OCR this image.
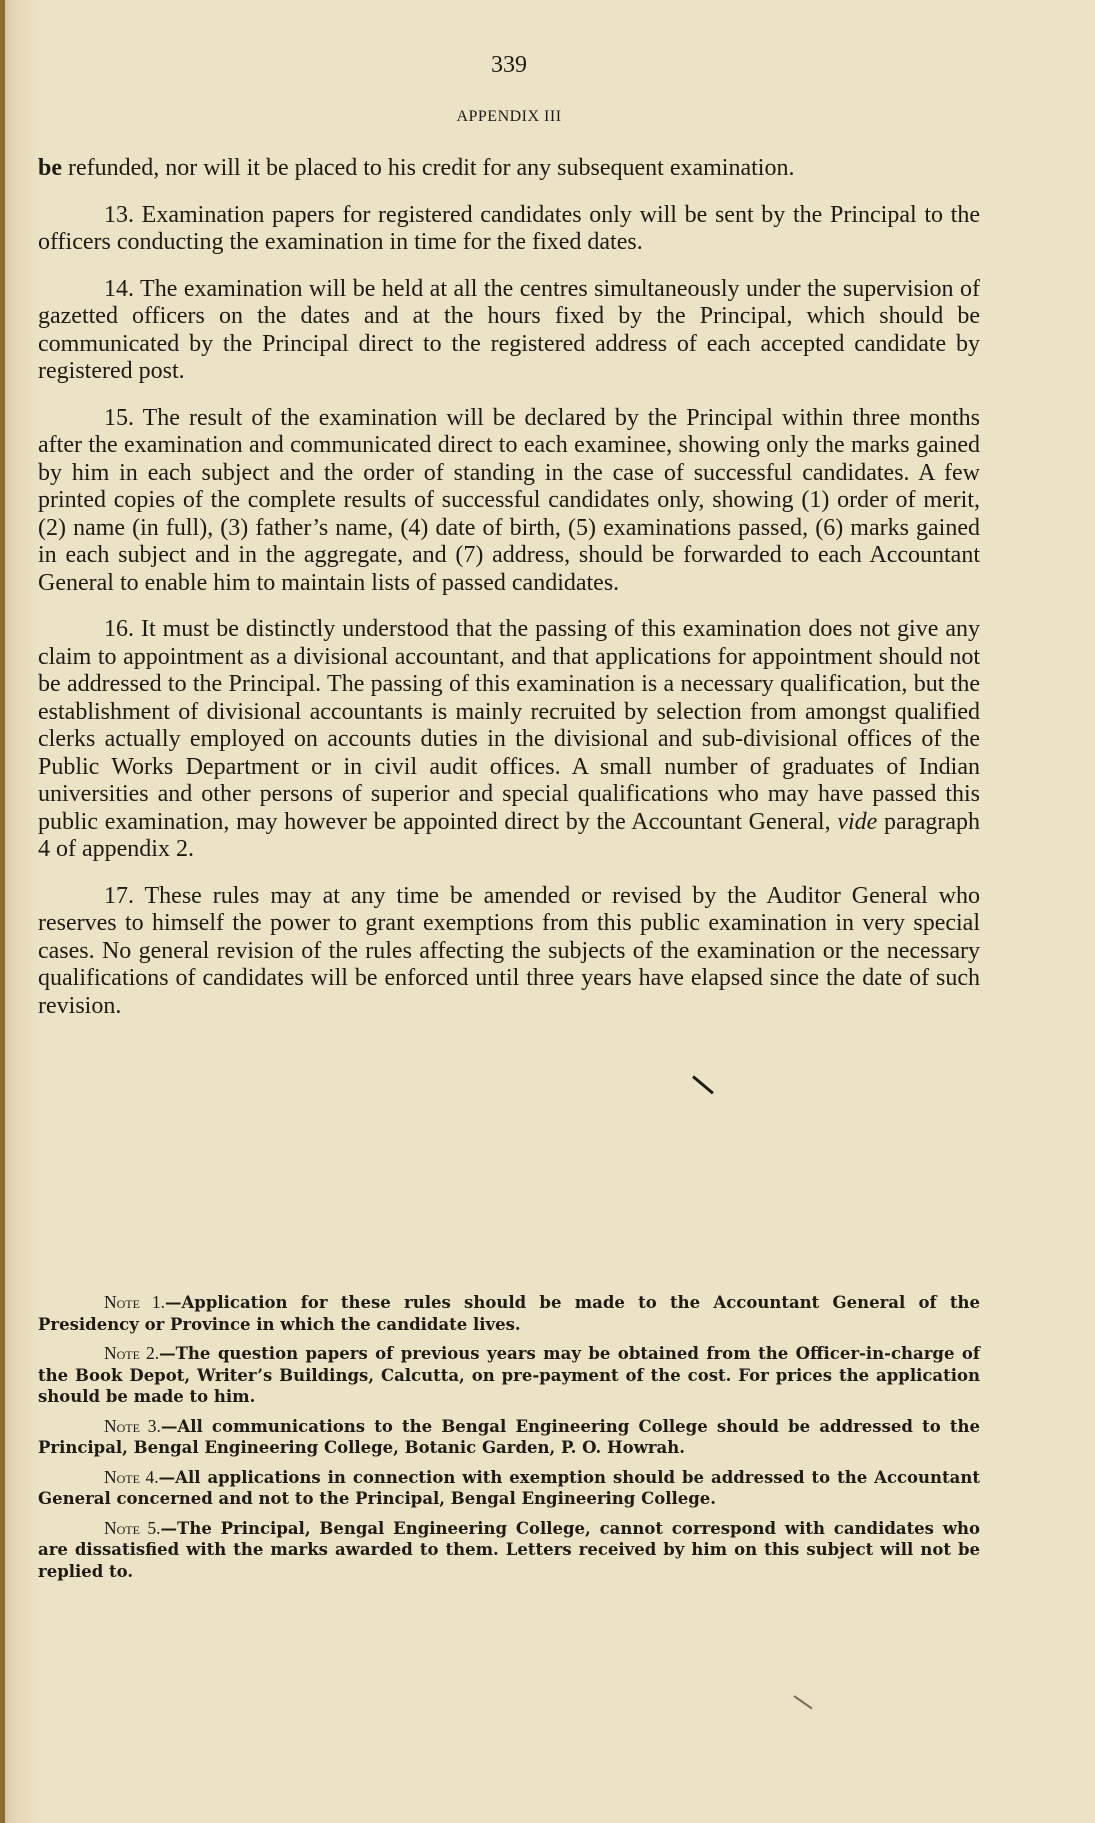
339
APPENDIX III

be refunded, nor will it be placed to his credit for any subsequent examination.

13. Examination papers for registered candidates only will be sent by the Principal to the officers conducting the examination in time for the fixed dates.

14. The examination will be held at all the centres simultaneously under the supervision of gazetted officers on the dates and at the hours fixed by the Principal, which should be communicated by the Principal direct to the registered address of each accepted candidate by registered post.

15. The result of the examination will be declared by the Principal within three months after the examination and communicated direct to each examinee, showing only the marks gained by him in each subject and the order of standing in the case of successful candidates. A few printed copies of the complete results of successful candidates only, showing (1) order of merit, (2) name (in full), (3) father’s name, (4) date of birth, (5) examinations passed, (6) marks gained in each subject and in the aggregate, and (7) address, should be forwarded to each Accountant General to enable him to maintain lists of passed candidates.

16. It must be distinctly understood that the passing of this examination does not give any claim to appointment as a divisional accountant, and that applications for appointment should not be addressed to the Principal. The passing of this examination is a necessary qualification, but the establishment of divisional accountants is mainly recruited by selection from amongst qualified clerks actually employed on accounts duties in the divisional and sub-divisional offices of the Public Works Department or in civil audit offices. A small number of graduates of Indian universities and other persons of superior and special qualifications who may have passed this public examination, may however be appointed direct by the Accountant General, vide paragraph 4 of appendix 2.

17. These rules may at any time be amended or revised by the Auditor General who reserves to himself the power to grant exemptions from this public examination in very special cases. No general revision of the rules affecting the subjects of the examination or the necessary qualifications of candidates will be enforced until three years have elapsed since the date of such revision.

Note 1.—Application for these rules should be made to the Accountant General of the Presidency or Province in which the candidate lives.

Note 2.—The question papers of previous years may be obtained from the Officer-in-charge of the Book Depot, Writer’s Buildings, Calcutta, on pre-payment of the cost. For prices the application should be made to him.

Note 3.—All communications to the Bengal Engineering College should be addressed to the Principal, Bengal Engineering College, Botanic Garden, P. O. Howrah.

Note 4.—All applications in connection with exemption should be addressed to the Accountant General concerned and not to the Principal, Bengal Engineering College.

Note 5.—The Principal, Bengal Engineering College, cannot correspond with candidates who are dissatisfied with the marks awarded to them. Letters received by him on this subject will not be replied to.
